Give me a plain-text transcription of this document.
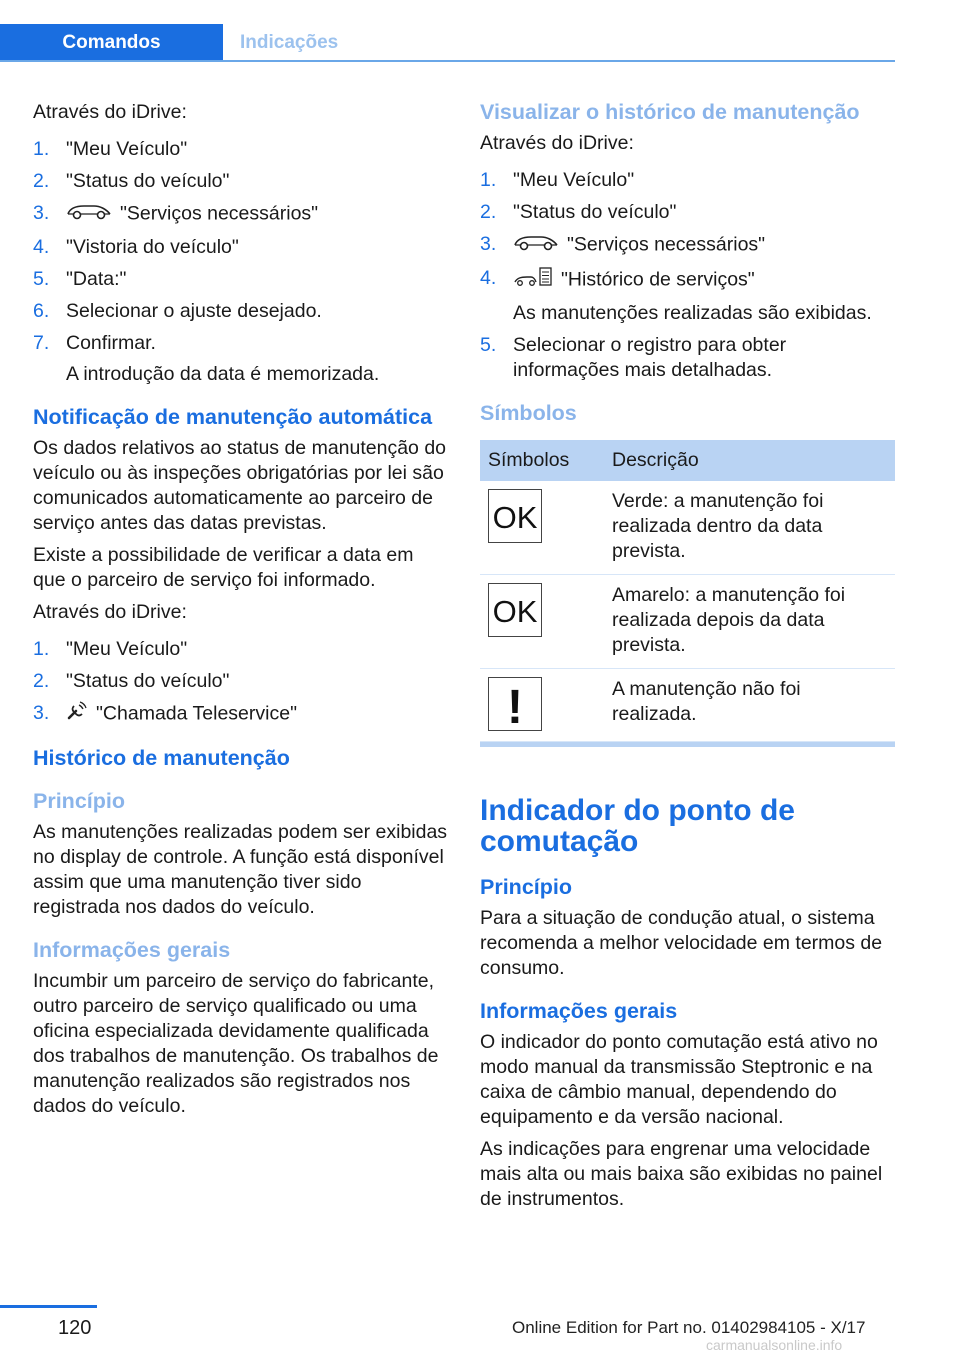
Comandos	Indicações

Através do iDrive:

1. "Meu Veículo"
2. "Status do veículo"
3.	"Serviços necessários"
4. "Vistoria do veículo"
5. "Data:"
6. Selecionar o ajuste desejado.
7. Confirmar.
A introdução da data é memorizada.
Notificação de manutenção automática

Os dados relativos ao status de manutenção do veículo ou às inspeções obrigatórias por lei são comunicados automaticamente ao parceiro de serviço antes das datas previstas.

Existe a possibilidade de verificar a data em que o parceiro de serviço foi informado.

Através do iDrive:

1. "Meu Veículo"
2. "Status do veículo"
3. "Chamada Teleservice"
Histórico de manutenção
Princípio

As manutenções realizadas podem ser exibidas no display de controle. A função está disponível assim que uma manutenção tiver sido registrada nos dados do veículo.

Informações gerais

Incumbir um parceiro de serviço do fabricante, outro parceiro de serviço qualificado ou uma oficina especializada devidamente qualificada dos trabalhos de manutenção. Os trabalhos de manutenção realizados são registrados nos dados do veículo.

Visualizar o histórico de manutenção

Através do iDrive:

1. "Meu Veículo"
2. "Status do veículo"
3.	"Serviços necessários"
4.	"Histórico de serviços"
As manutenções realizadas são exibidas.
5. Selecionar o registro para obter informações mais detalhadas.
Símbolos
Símbolos	Descrição

OK	Verde: a manutenção foi realizada dentro da data prevista.

OK	Amarelo: a manutenção foi realizada depois da data prevista.

!	A manutenção não foi realizada.
Indicador do ponto de comutação
Princípio

Para a situação de condução atual, o sistema recomenda a melhor velocidade em termos de consumo.

Informações gerais

O indicador do ponto comutação está ativo no modo manual da transmissão Steptronic e na caixa de câmbio manual, dependendo do equipamento e da versão nacional.

As indicações para engrenar uma velocidade mais alta ou mais baixa são exibidas no painel de instrumentos.

120	Online Edition for Part no. 01402984105 - X/17
carmanualsonline.info
